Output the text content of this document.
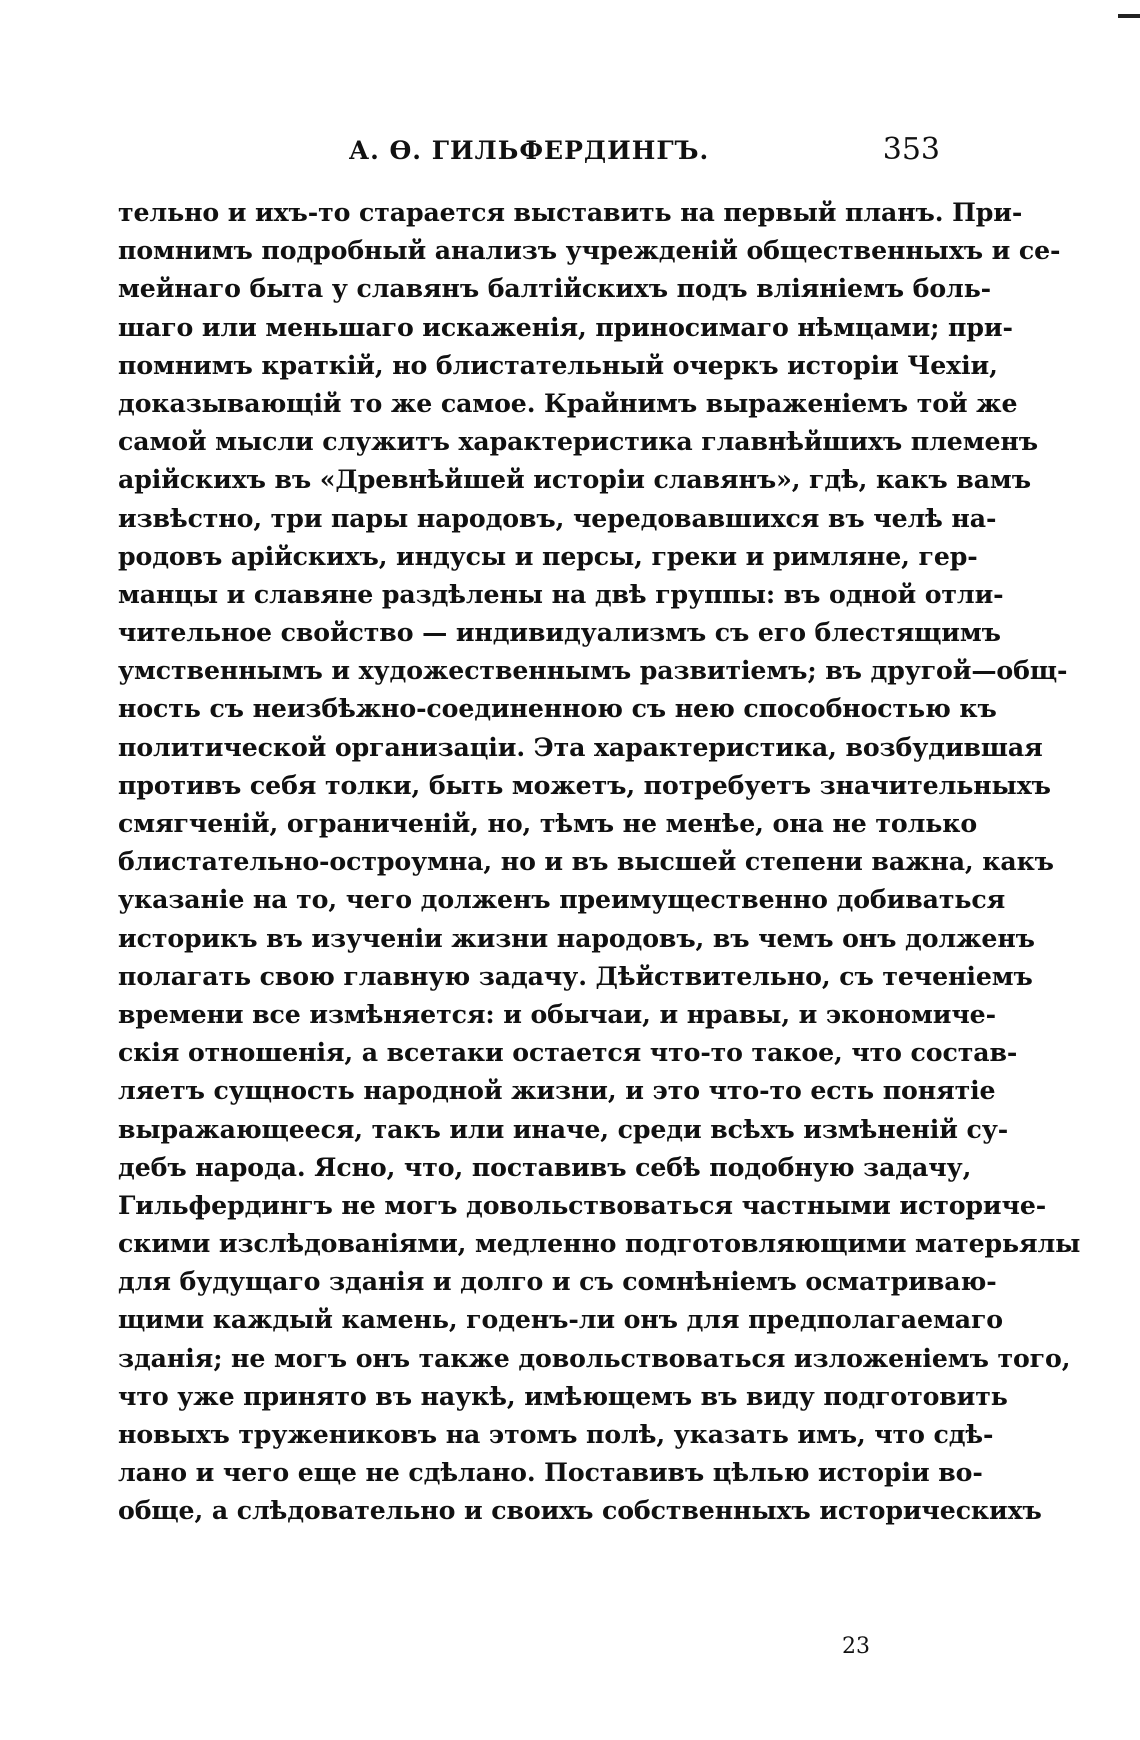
А. Ѳ. ГИЛЬФЕРДИНГЪ.	353
тельно и ихъ-то старается выставить на первый планъ. При-
помнимъ подробный анализъ учрежденій общественныхъ и се-
мейнаго быта у славянъ балтійскихъ подъ вліяніемъ боль-
шаго или меньшаго искаженія, приносимаго нѣмцами; при-
помнимъ краткій, но блистательный очеркъ исторіи Чехіи,
доказывающій то же самое. Крайнимъ выраженіемъ той же
самой мысли служитъ характеристика главнѣйшихъ племенъ
арійскихъ въ «Древнѣйшей исторіи славянъ», гдѣ, какъ вамъ
извѣстно, три пары народовъ, чередовавшихся въ челѣ на-
родовъ арійскихъ, индусы и персы, греки и римляне, гер-
манцы и славяне раздѣлены на двѣ группы: въ одной отли-
чительное свойство — индивидуализмъ съ его блестящимъ
умственнымъ и художественнымъ развитіемъ; въ другой—общ-
ность съ неизбѣжно-соединенною съ нею способностью къ
политической организаціи. Эта характеристика, возбудившая
противъ себя толки, быть можетъ, потребуетъ значительныхъ
смягченій, ограниченій, но, тѣмъ не менѣе, она не только
блистательно-остроумна, но и въ высшей степени важна, какъ
указаніе на то, чего долженъ преимущественно добиваться
историкъ въ изученіи жизни народовъ, въ чемъ онъ долженъ
полагать свою главную задачу. Дѣйствительно, съ теченіемъ
времени все измѣняется: и обычаи, и нравы, и экономиче-
скія отношенія, а всетаки остается что-то такое, что состав-
ляетъ сущность народной жизни, и это что-то есть понятіе
выражающееся, такъ или иначе, среди всѣхъ измѣненій су-
дебъ народа. Ясно, что, поставивъ себѣ подобную задачу,
Гильфердингъ не могъ довольствоваться частными историче-
скими изслѣдованіями, медленно подготовляющими матерьялы
для будущаго зданія и долго и съ сомнѣніемъ осматриваю-
щими каждый камень, годенъ-ли онъ для предполагаемаго
зданія; не могъ онъ также довольствоваться изложеніемъ того,
что уже принято въ наукѣ, имѣющемъ въ виду подготовить
новыхъ тружениковъ на этомъ полѣ, указать имъ, что сдѣ-
лано и чего еще не сдѣлано. Поставивъ цѣлью исторіи во-
обще, а слѣдовательно и своихъ собственныхъ историческихъ
23
